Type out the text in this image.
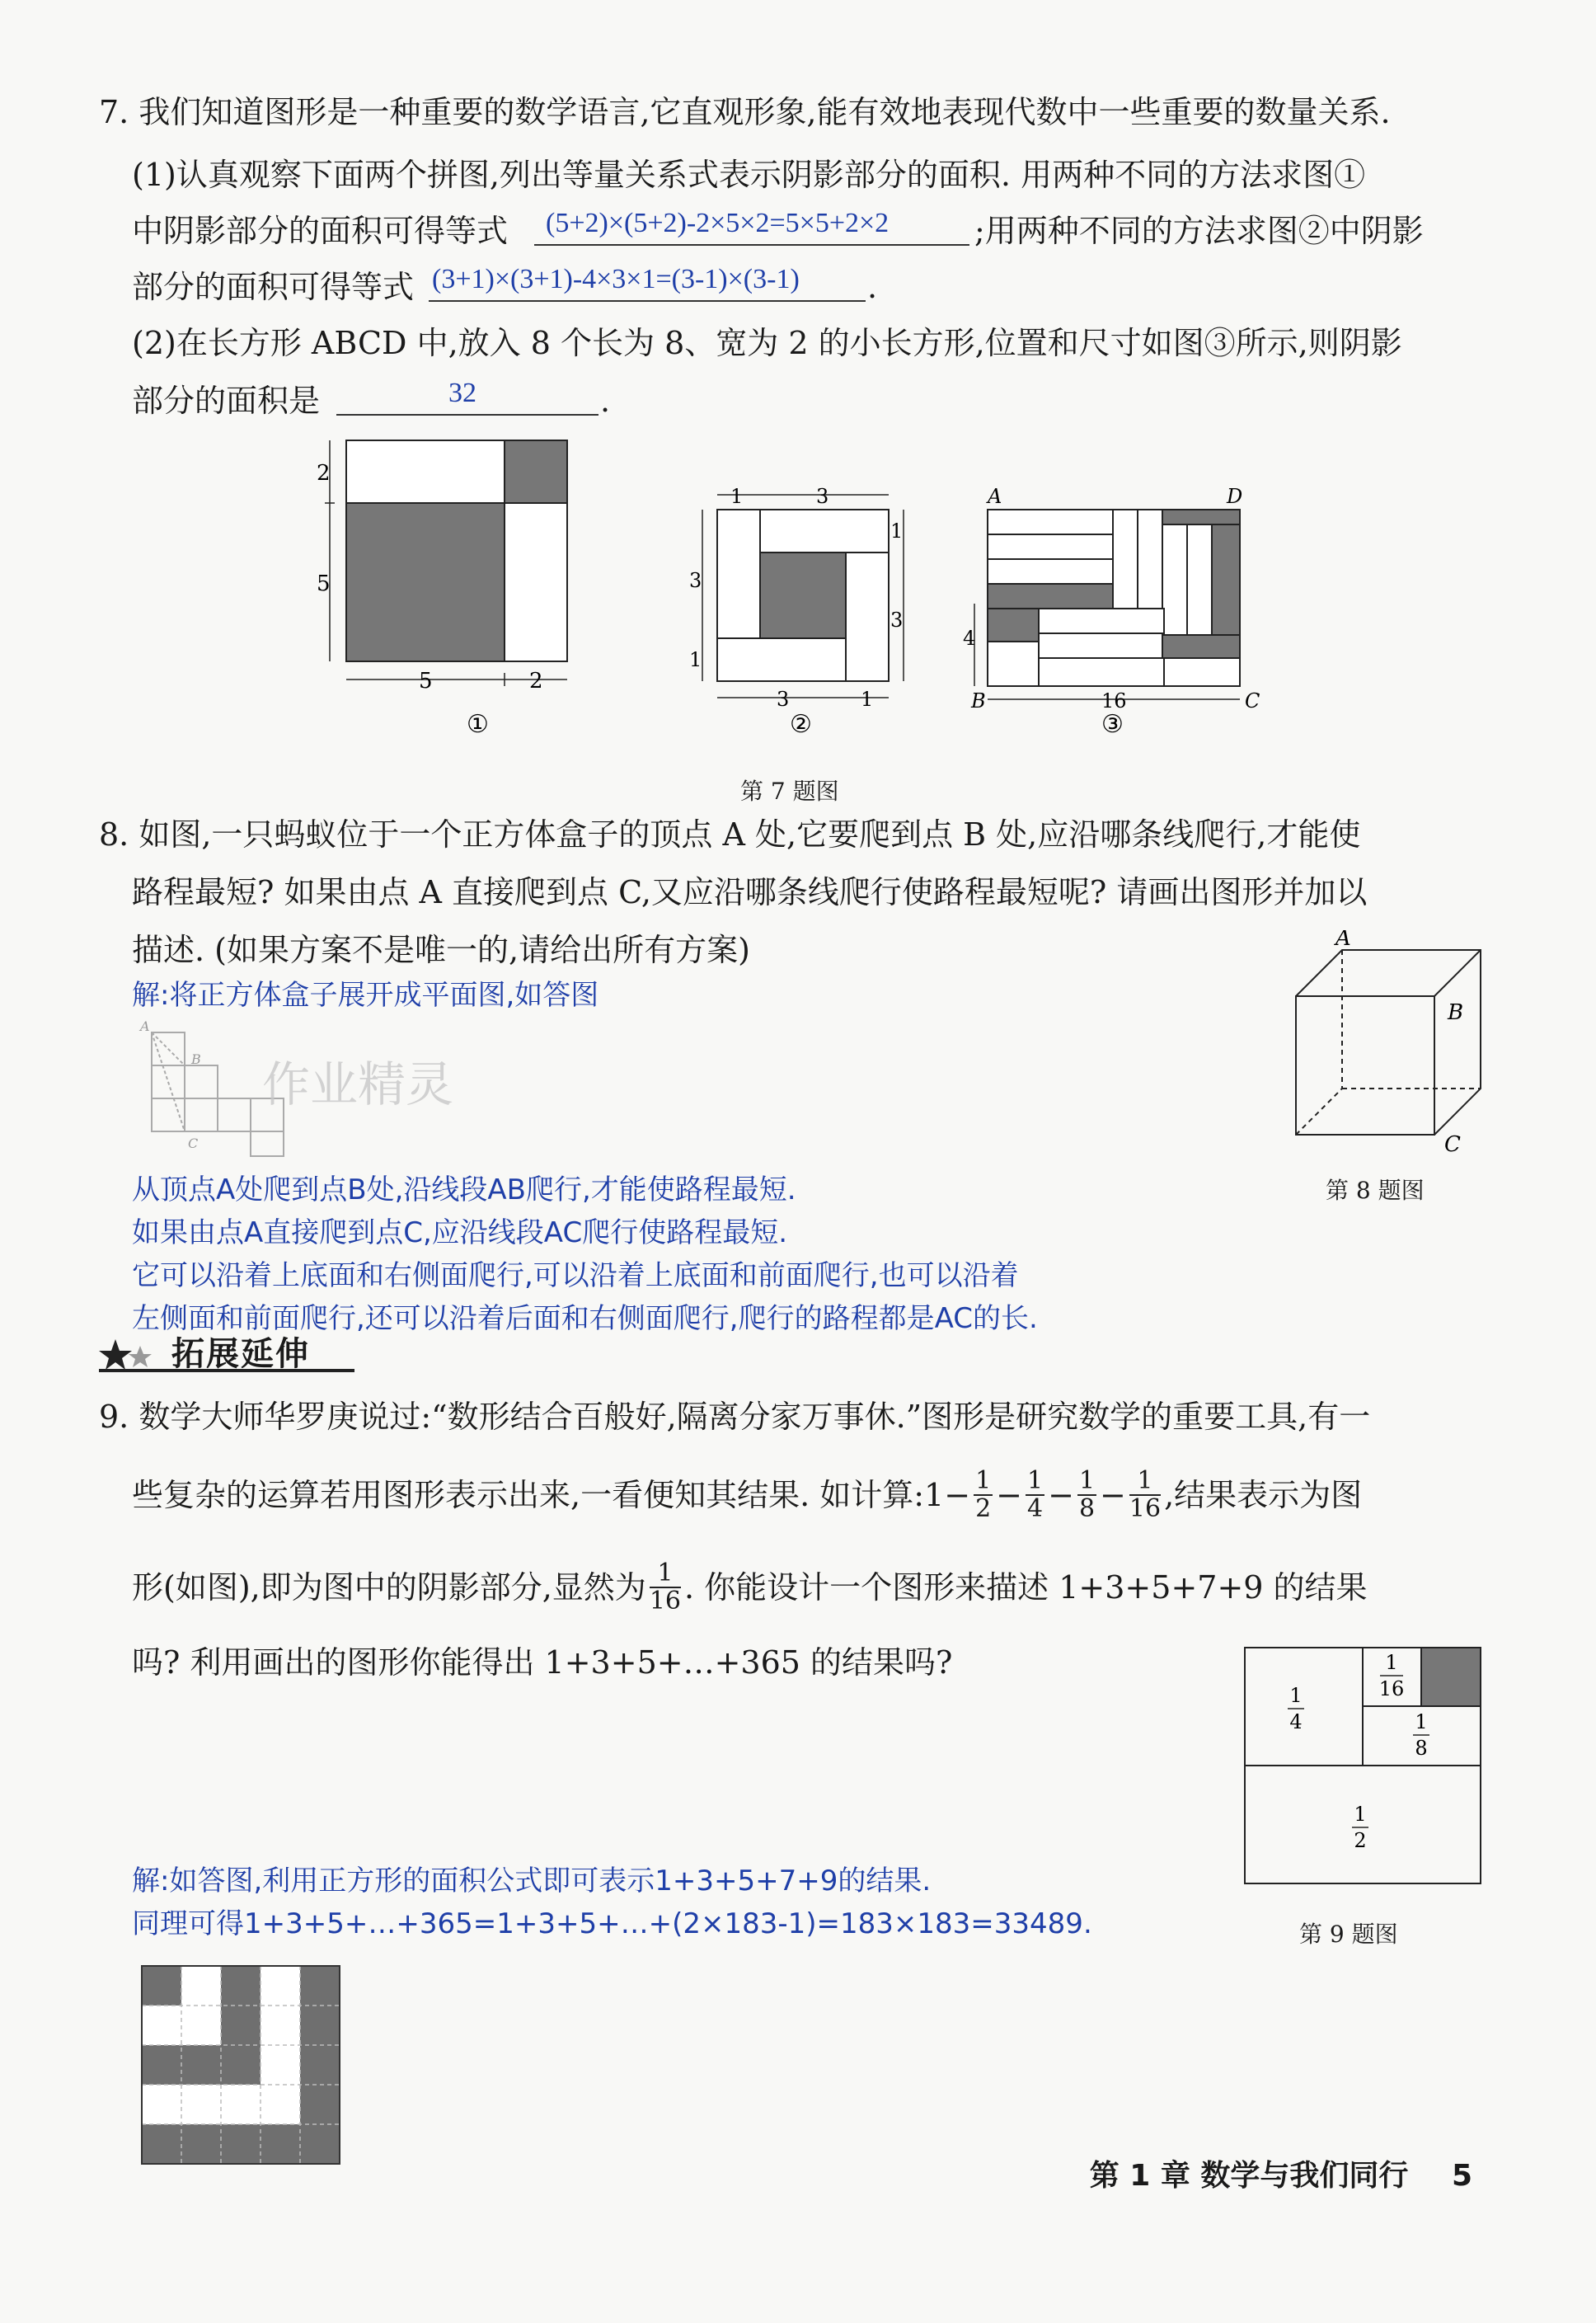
7. 我们知道图形是一种重要的数学语言,它直观形象,能有效地表现代数中一些重要的数量关系.
(1)认真观察下面两个拼图,列出等量关系式表示阴影部分的面积. 用两种不同的方法求图①
中阴影部分的面积可得等式 (5+2)×(5+2)-2×5×2=5×5+2×2	;用两种不同的方法求图②中阴影
部分的面积可得等式 (3+1)×(3+1)-4×3×1=(3-1)×(3-1) .
(2)在长方形 ABCD 中,放入 8 个长为 8、宽为 2 的小长方形,位置和尺寸如图③所示,则阴影
部分的面积是	32	.
2
5
5	2
①
1	3
1
3
3
1
3	1
②
A	D
4
B	16	C
③
第 7 题图
8. 如图,一只蚂蚁位于一个正方体盒子的顶点 A 处,它要爬到点 B 处,应沿哪条线爬行,才能使
路程最短? 如果由点 A 直接爬到点 C,又应沿哪条线爬行使路程最短呢? 请画出图形并加以
描述. (如果方案不是唯一的,请给出所有方案)
解:将正方体盒子展开成平面图,如答图
A
B
C
作业精灵
A
B
C
第 8 题图
从顶点A处爬到点B处,沿线段AB爬行,才能使路程最短.
如果由点A直接爬到点C,应沿线段AC爬行使路程最短.
它可以沿着上底面和右侧面爬行,可以沿着上底面和前面爬行,也可以沿着
左侧面和前面爬行,还可以沿着后面和右侧面爬行,爬行的路程都是AC的长.
拓展延伸
9. 数学大师华罗庚说过:“数形结合百般好,隔离分家万事休.”图形是研究数学的重要工具,有一
些复杂的运算若用图形表示出来,一看便知其结果. 如计算:1− $\frac{1}{2} - \frac{1}{4} - \frac{1}{8} - \frac{1}{16}$ ,结果表示为图
形(如图),即为图中的阴影部分,显然为 $\frac{1}{16}$ . 你能设计一个图形来描述 1+3+5+7+9 的结果
吗? 利用画出的图形你能得出 1+3+5+…+365 的结果吗?
1
4
1
16
1
8
1
2
第 9 题图
解:如答图,利用正方形的面积公式即可表示1+3+5+7+9的结果.
同理可得1+3+5+…+365=1+3+5+…+(2×183-1)=183×183=33489.
第 1 章 数学与我们同行 5
